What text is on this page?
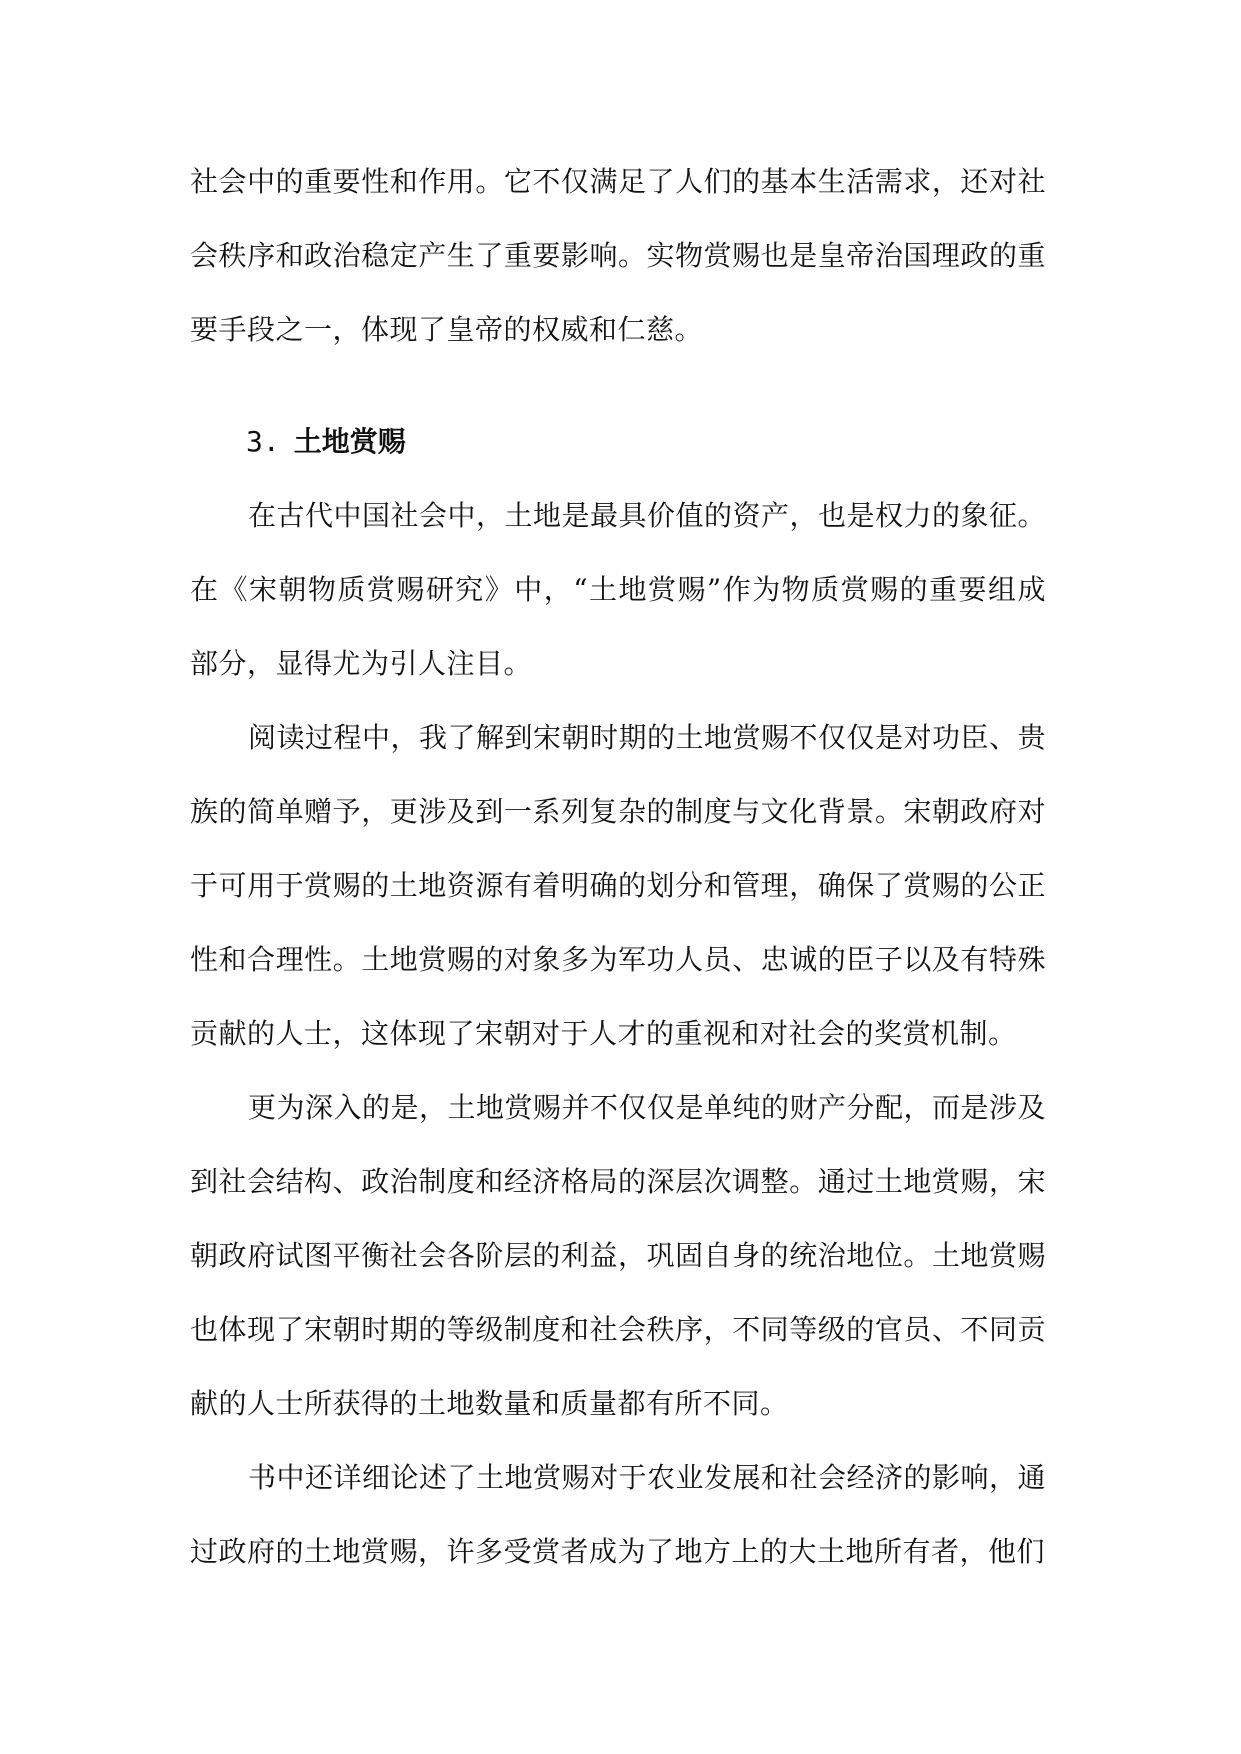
社会中的重要性和作用。它不仅满足了人们的基本生活需求，还对社会秩序和政治稳定产生了重要影响。实物赏赐也是皇帝治国理政的重要手段之一，体现了皇帝的权威和仁慈。

3. 土地赏赐

在古代中国社会中，土地是最具价值的资产，也是权力的象征。在《宋朝物质赏赐研究》中，“土地赏赐”作为物质赏赐的重要组成部分，显得尤为引人注目。

阅读过程中，我了解到宋朝时期的土地赏赐不仅仅是对功臣、贵族的简单赠予，更涉及到一系列复杂的制度与文化背景。宋朝政府对于可用于赏赐的土地资源有着明确的划分和管理，确保了赏赐的公正性和合理性。土地赏赐的对象多为军功人员、忠诚的臣子以及有特殊贡献的人士，这体现了宋朝对于人才的重视和对社会的奖赏机制。

更为深入的是，土地赏赐并不仅仅是单纯的财产分配，而是涉及到社会结构、政治制度和经济格局的深层次调整。通过土地赏赐，宋朝政府试图平衡社会各阶层的利益，巩固自身的统治地位。土地赏赐也体现了宋朝时期的等级制度和社会秩序，不同等级的官员、不同贡献的人士所获得的土地数量和质量都有所不同。

书中还详细论述了土地赏赐对于农业发展和社会经济的影响，通过政府的土地赏赐，许多受赏者成为了地方上的大土地所有者，他们
